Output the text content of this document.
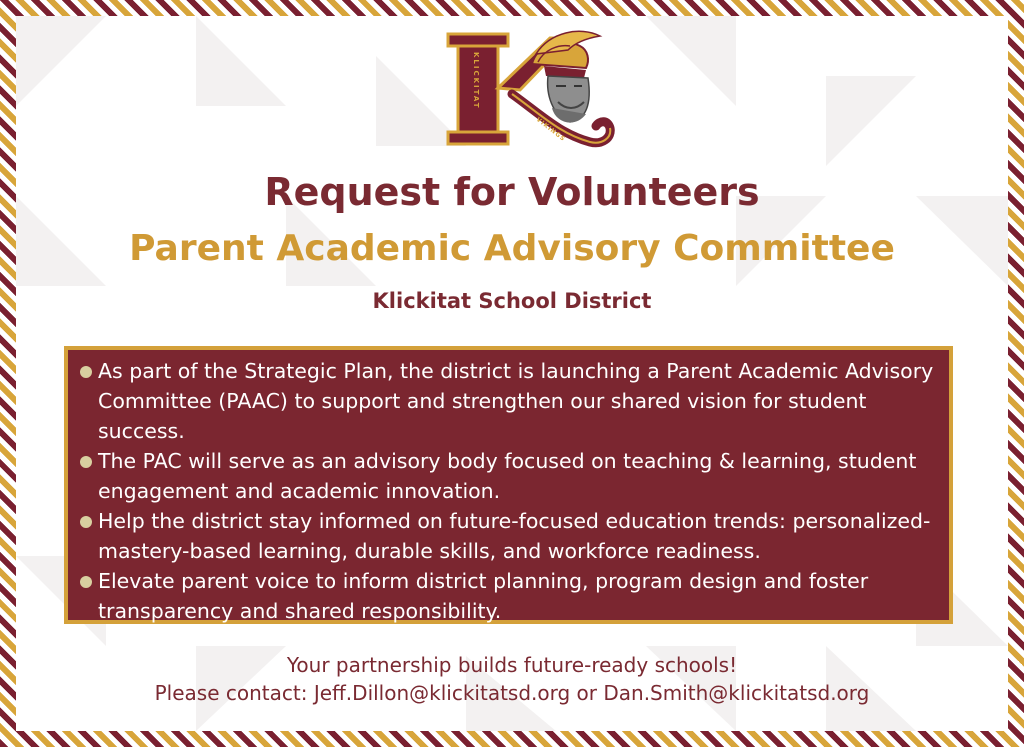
KLICKITAT
VIKINGS
Request for Volunteers
Parent Academic Advisory Committee
Klickitat School District
As part of the Strategic Plan, the district is launching a Parent Academic Advisory Committee (PAAC) to support and strengthen our shared vision for student success.
The PAC will serve as an advisory body focused on teaching & learning, student engagement and academic innovation.
Help the district stay informed on future-focused education trends: personalized-mastery-based learning, durable skills, and workforce readiness.
Elevate parent voice to inform district planning, program design and foster transparency and shared responsibility.
Your partnership builds future-ready schools!
Please contact: Jeff.Dillon@klickitatsd.org or Dan.Smith@klickitatsd.org
